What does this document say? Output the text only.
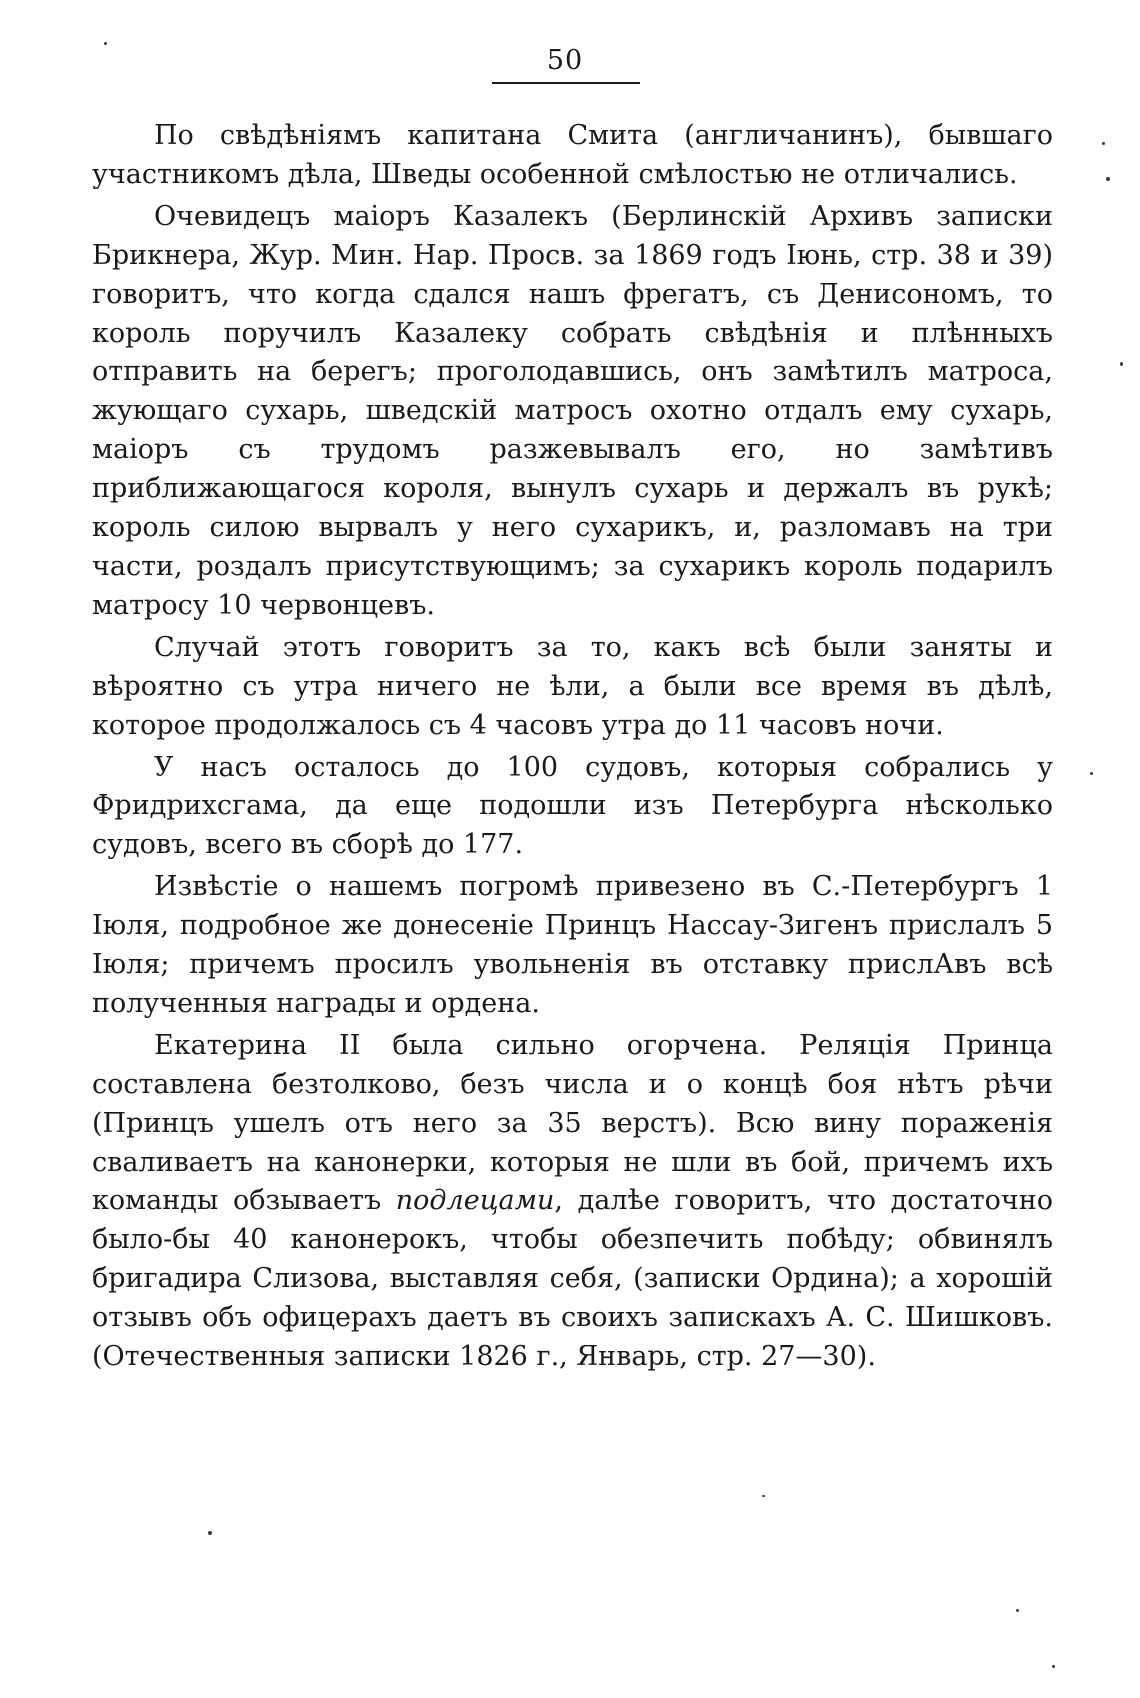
50

По свѣдѣніямъ капитана Смита (англичанинъ), бывшаго участникомъ дѣла, Шведы особенной смѣлостью не отличались.

Очевидецъ маіоръ Казалекъ (Берлинскій Архивъ записки Брикнера, Жур. Мин. Нар. Просв. за 1869 годъ Іюнь, стр. 38 и 39) говоритъ, что когда сдался нашъ фрегатъ, съ Денисономъ, то король поручилъ Казалеку собрать свѣдѣнія и плѣнныхъ отправить на берегъ; проголодавшись, онъ замѣтилъ матроса, жующаго сухарь, шведскій матросъ охотно отдалъ ему сухарь, маіоръ съ трудомъ разжевывалъ его, но замѣтивъ приближающагося короля, вынулъ сухарь и держалъ въ рукѣ; король силою вырвалъ у него сухарикъ, и, разломавъ на три части, роздалъ присутствующимъ; за сухарикъ король подарилъ матросу 10 червонцевъ.

Случай этотъ говоритъ за то, какъ всѣ были заняты и вѣроятно съ утра ничего не ѣли, а были все время въ дѣлѣ, которое продолжалось съ 4 часовъ утра до 11 часовъ ночи.

У насъ осталось до 100 судовъ, которыя собрались у Фридрихсгама, да еще подошли изъ Петербурга нѣсколько судовъ, всего въ сборѣ до 177.

Извѣстіе о нашемъ погромѣ привезено въ С.-Петербургъ 1 Іюля, подробное же донесеніе Принцъ Нассау-Зигенъ прислалъ 5 Іюля; причемъ просилъ увольненія въ отставку прислАвъ всѣ полученныя награды и ордена.

Екатерина II была сильно огорчена. Реляція Принца составлена безтолково, безъ числа и о концѣ боя нѣтъ рѣчи (Принцъ ушелъ отъ него за 35 верстъ). Всю вину пораженія сваливаетъ на канонерки, которыя не шли въ бой, причемъ ихъ команды обзываетъ подлецами, далѣе говоритъ, что достаточно было-бы 40 канонерокъ, чтобы обезпечить побѣду; обвинялъ бригадира Слизова, выставляя себя, (записки Ордина); а хорошій отзывъ объ офицерахъ даетъ въ своихъ запискахъ А. С. Шишковъ. (Отечественныя записки 1826 г., Январь, стр. 27—30).
